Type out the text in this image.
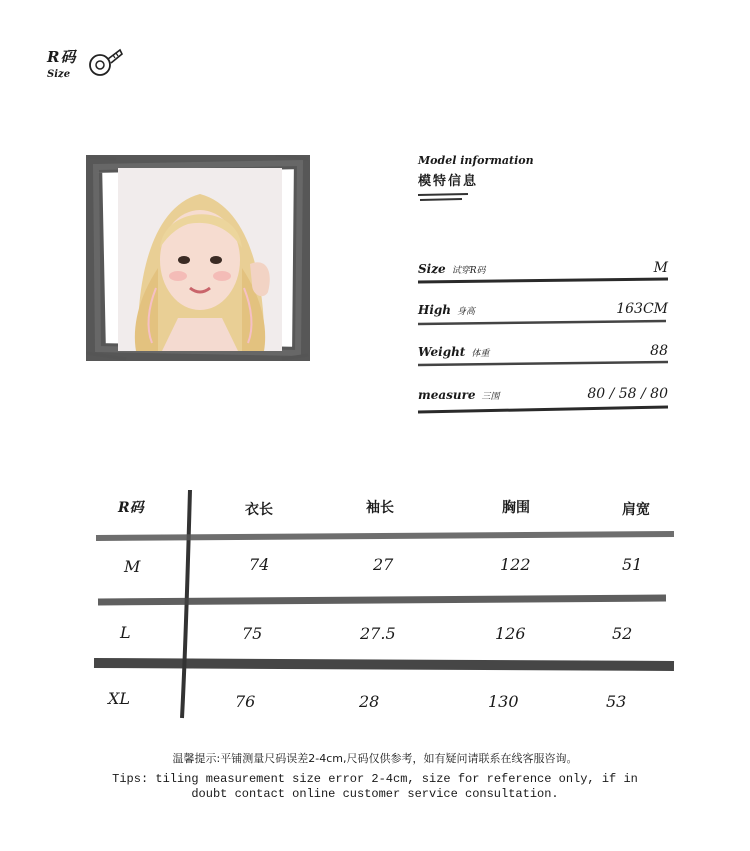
R码
Size
Model information
模特信息
Size 试穿R码	M
High 身高	163CM
Weight 体重	88
measure 三围	80 / 58 / 80
R码	衣长	袖长	胸围	肩宽
M	74	27	122	51
L	75	27.5	126	52
XL	76	28	130	53
温馨提示:平铺测量尺码误差2-4cm,尺码仅供参考，如有疑问请联系在线客服咨询。
Tips: tiling measurement size error 2-4cm, size for reference only, if in doubt contact online customer service consultation.
